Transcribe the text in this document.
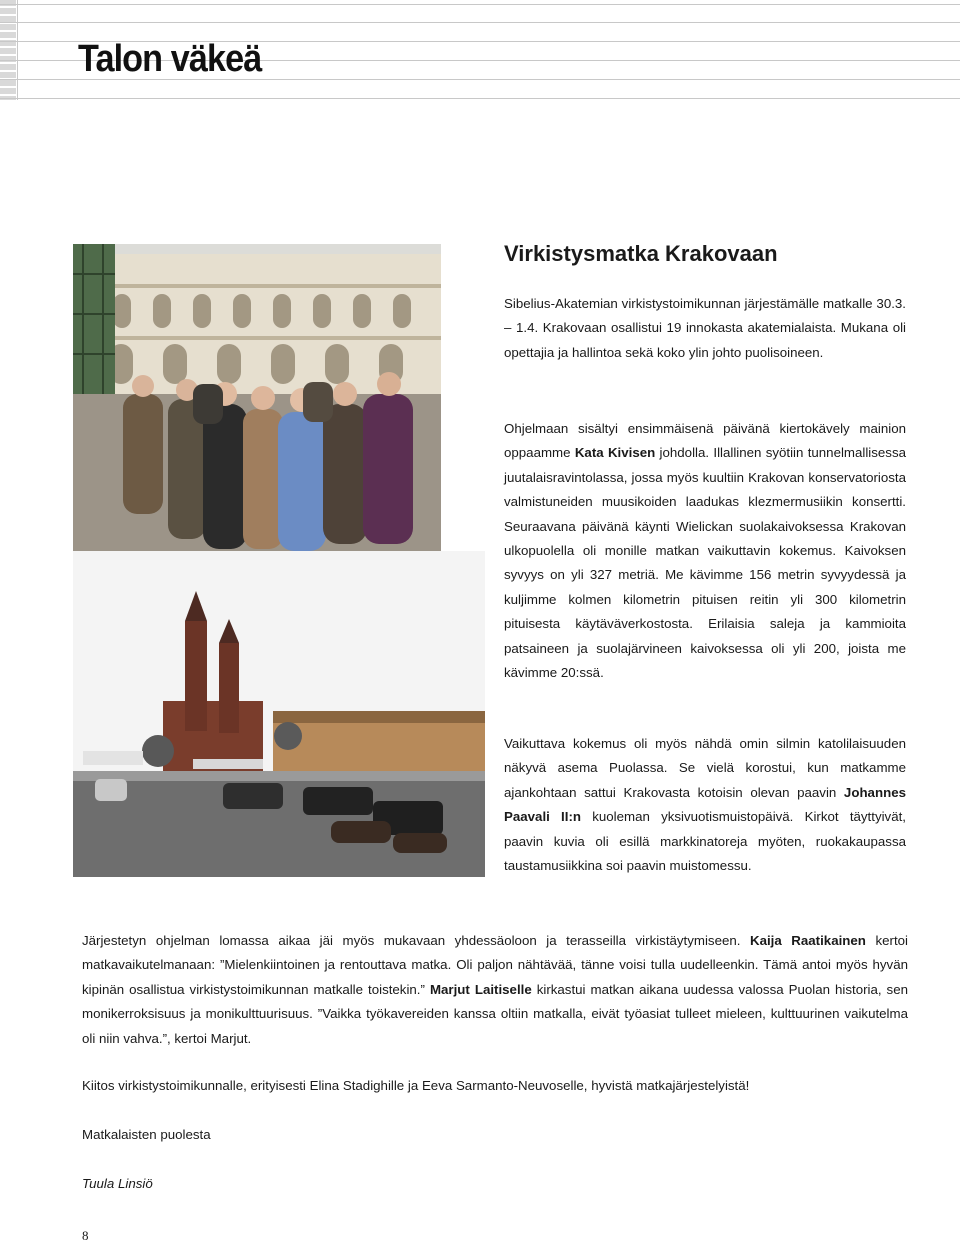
Talon väkeä
Virkistysmatka Krakovaan

Sibelius-Akatemian virkistystoimikunnan järjestämälle matkalle 30.3. – 1.4. Krakovaan osallistui 19 innokasta akatemialaista. Mukana oli opettajia ja hallintoa sekä koko ylin johto puolisoineen.

Ohjelmaan sisältyi ensimmäisenä päivänä kiertokävely mainion oppaamme Kata Kivisen johdolla. Illallinen syötiin tunnelmallisessa juutalaisravintolassa, jossa myös kuultiin Krakovan konservatoriosta valmistuneiden muusikoiden laadukas klezmermusiikin konsertti. Seuraavana päivänä käynti Wielickan suolakaivoksessa Krakovan ulkopuolella oli monille matkan vaikuttavin kokemus. Kaivoksen syvyys on yli 327 metriä. Me kävimme 156 metrin syvyydessä ja kuljimme kolmen kilometrin pituisen reitin yli 300 kilometrin pituisesta käytäväverkostosta. Erilaisia saleja ja kammioita patsaineen ja suolajärvineen kaivoksessa oli yli 200, joista me kävimme 20:ssä.

Vaikuttava kokemus oli myös nähdä omin silmin katolilaisuuden näkyvä asema Puolassa. Se vielä korostui, kun matkamme ajankohtaan sattui Krakovasta kotoisin olevan paavin Johannes Paavali II:n kuoleman yksivuotismuistopäivä. Kirkot täyttyivät, paavin kuvia oli esillä markkinatoreja myöten, ruokakaupassa taustamusiikkina soi paavin muistomessu.

Järjestetyn ohjelman lomassa aikaa jäi myös mukavaan yhdessäoloon ja terasseilla virkistäytymiseen. Kaija Raatikainen kertoi matkavaikutelmanaan: ”Mielenkiintoinen ja rentouttava matka. Oli paljon nähtävää, tänne voisi tulla uudelleenkin. Tämä antoi myös hyvän kipinän osallistua virkistystoimikunnan matkalle toistekin.” Marjut Laitiselle kirkastui matkan aikana uudessa valossa Puolan historia, sen monikerroksisuus ja monikulttuurisuus. ”Vaikka työkavereiden kanssa oltiin matkalla, eivät työasiat tulleet mieleen, kulttuurinen vaikutelma oli niin vahva.”, kertoi Marjut.

Kiitos virkistystoimikunnalle, erityisesti Elina Stadighille ja Eeva Sarmanto-Neuvoselle, hyvistä matkajärjestelyistä!

Matkalaisten puolesta

Tuula Linsiö

8
